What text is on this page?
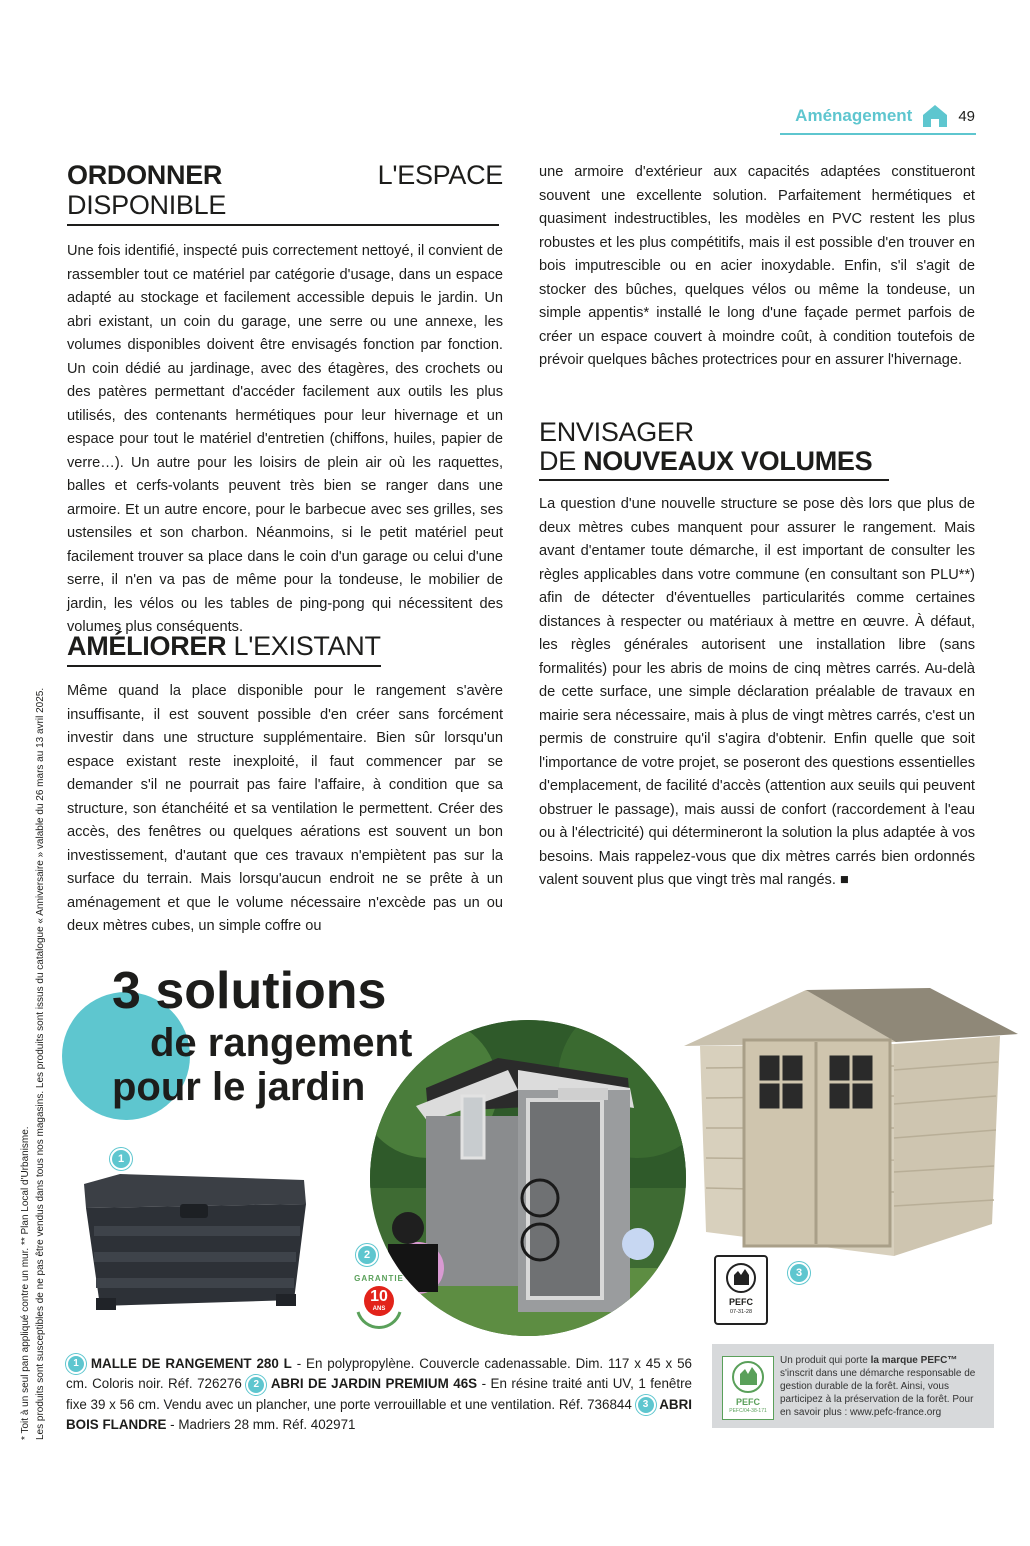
Aménagement	49
* Toit à un seul pan appliqué contre un mur. ** Plan Local d'Urbanisme. Les produits sont susceptibles de ne pas être vendus dans tous nos magasins. Les produits sont issus du catalogue « Anniversaire » valable du 26 mars au 13 avril 2025.
ORDONNER L'ESPACE DISPONIBLE

Une fois identifié, inspecté puis correctement nettoyé, il convient de rassembler tout ce matériel par catégorie d'usage, dans un espace adapté au stockage et facilement accessible depuis le jardin. Un abri existant, un coin du garage, une serre ou une annexe, les volumes disponibles doivent être envisagés fonction par fonction. Un coin dédié au jardinage, avec des étagères, des crochets ou des patères permettant d'accéder facilement aux outils les plus utilisés, des contenants hermétiques pour leur hivernage et un espace pour tout le matériel d'entretien (chiffons, huiles, papier de verre…). Un autre pour les loisirs de plein air où les raquettes, balles et cerfs-volants peuvent très bien se ranger dans une armoire. Et un autre encore, pour le barbecue avec ses grilles, ses ustensiles et son charbon. Néanmoins, si le petit matériel peut facilement trouver sa place dans le coin d'un garage ou celui d'une serre, il n'en va pas de même pour la tondeuse, le mobilier de jardin, les vélos ou les tables de ping-pong qui nécessitent des volumes plus conséquents.

AMÉLIORER L'EXISTANT

Même quand la place disponible pour le rangement s'avère insuffisante, il est souvent possible d'en créer sans forcément investir dans une structure supplémentaire. Bien sûr lorsqu'un espace existant reste inexploité, il faut commencer par se demander s'il ne pourrait pas faire l'affaire, à condition que sa structure, son étanchéité et sa ventilation le permettent. Créer des accès, des fenêtres ou quelques aérations est souvent un bon investissement, d'autant que ces travaux n'empiètent pas sur la surface du terrain. Mais lorsqu'aucun endroit ne se prête à un aménagement et que le volume nécessaire n'excède pas un ou deux mètres cubes, un simple coffre ou

une armoire d'extérieur aux capacités adaptées constitueront souvent une excellente solution. Parfaitement hermétiques et quasiment indestructibles, les modèles en PVC restent les plus robustes et les plus compétitifs, mais il est possible d'en trouver en bois imputrescible ou en acier inoxydable. Enfin, s'il s'agit de stocker des bûches, quelques vélos ou même la tondeuse, un simple appentis* installé le long d'une façade permet parfois de créer un espace couvert à moindre coût, à condition toutefois de prévoir quelques bâches protectrices pour en assurer l'hivernage.

ENVISAGER
DE NOUVEAUX VOLUMES

La question d'une nouvelle structure se pose dès lors que plus de deux mètres cubes manquent pour assurer le rangement. Mais avant d'entamer toute démarche, il est important de consulter les règles applicables dans votre commune (en consultant son PLU**) afin de détecter d'éventuelles particularités comme certaines distances à respecter ou matériaux à mettre en œuvre. À défaut, les règles générales autorisent une installation libre (sans formalités) pour les abris de moins de cinq mètres carrés. Au-delà de cette surface, une simple déclaration préalable de travaux en mairie sera nécessaire, mais à plus de vingt mètres carrés, c'est un permis de construire qu'il s'agira d'obtenir. Enfin quelle que soit l'importance de votre projet, se poseront des questions essentielles d'emplacement, de facilité d'accès (attention aux seuils qui peuvent obstruer le passage), mais aussi de confort (raccordement à l'eau ou à l'électricité) qui détermineront la solution la plus adaptée à vos besoins. Mais rappelez-vous que dix mètres carrés bien ordonnés valent souvent plus que vingt très mal rangés. ■

3 solutions
de rangement
pour le jardin
1
2
3
GARANTIE
10
ANS
PEFC
07-31-28
1 MALLE DE RANGEMENT 280 L - En polypropylène. Couvercle cadenassable. Dim. 117 x 45 x 56 cm. Coloris noir. Réf. 726276 2 ABRI DE JARDIN PREMIUM 46S - En résine traité anti UV, 1 fenêtre fixe 39 x 56 cm. Vendu avec un plancher, une porte verrouillable et une ventilation. Réf. 736844 3 ABRI BOIS FLANDRE - Madriers 28 mm. Réf. 402971
PEFC
PEFC/04-38-171
Un produit qui porte la marque PEFC™ s'inscrit dans une démarche responsable de gestion durable de la forêt. Ainsi, vous participez à la préservation de la forêt. Pour en savoir plus : www.pefc-france.org
